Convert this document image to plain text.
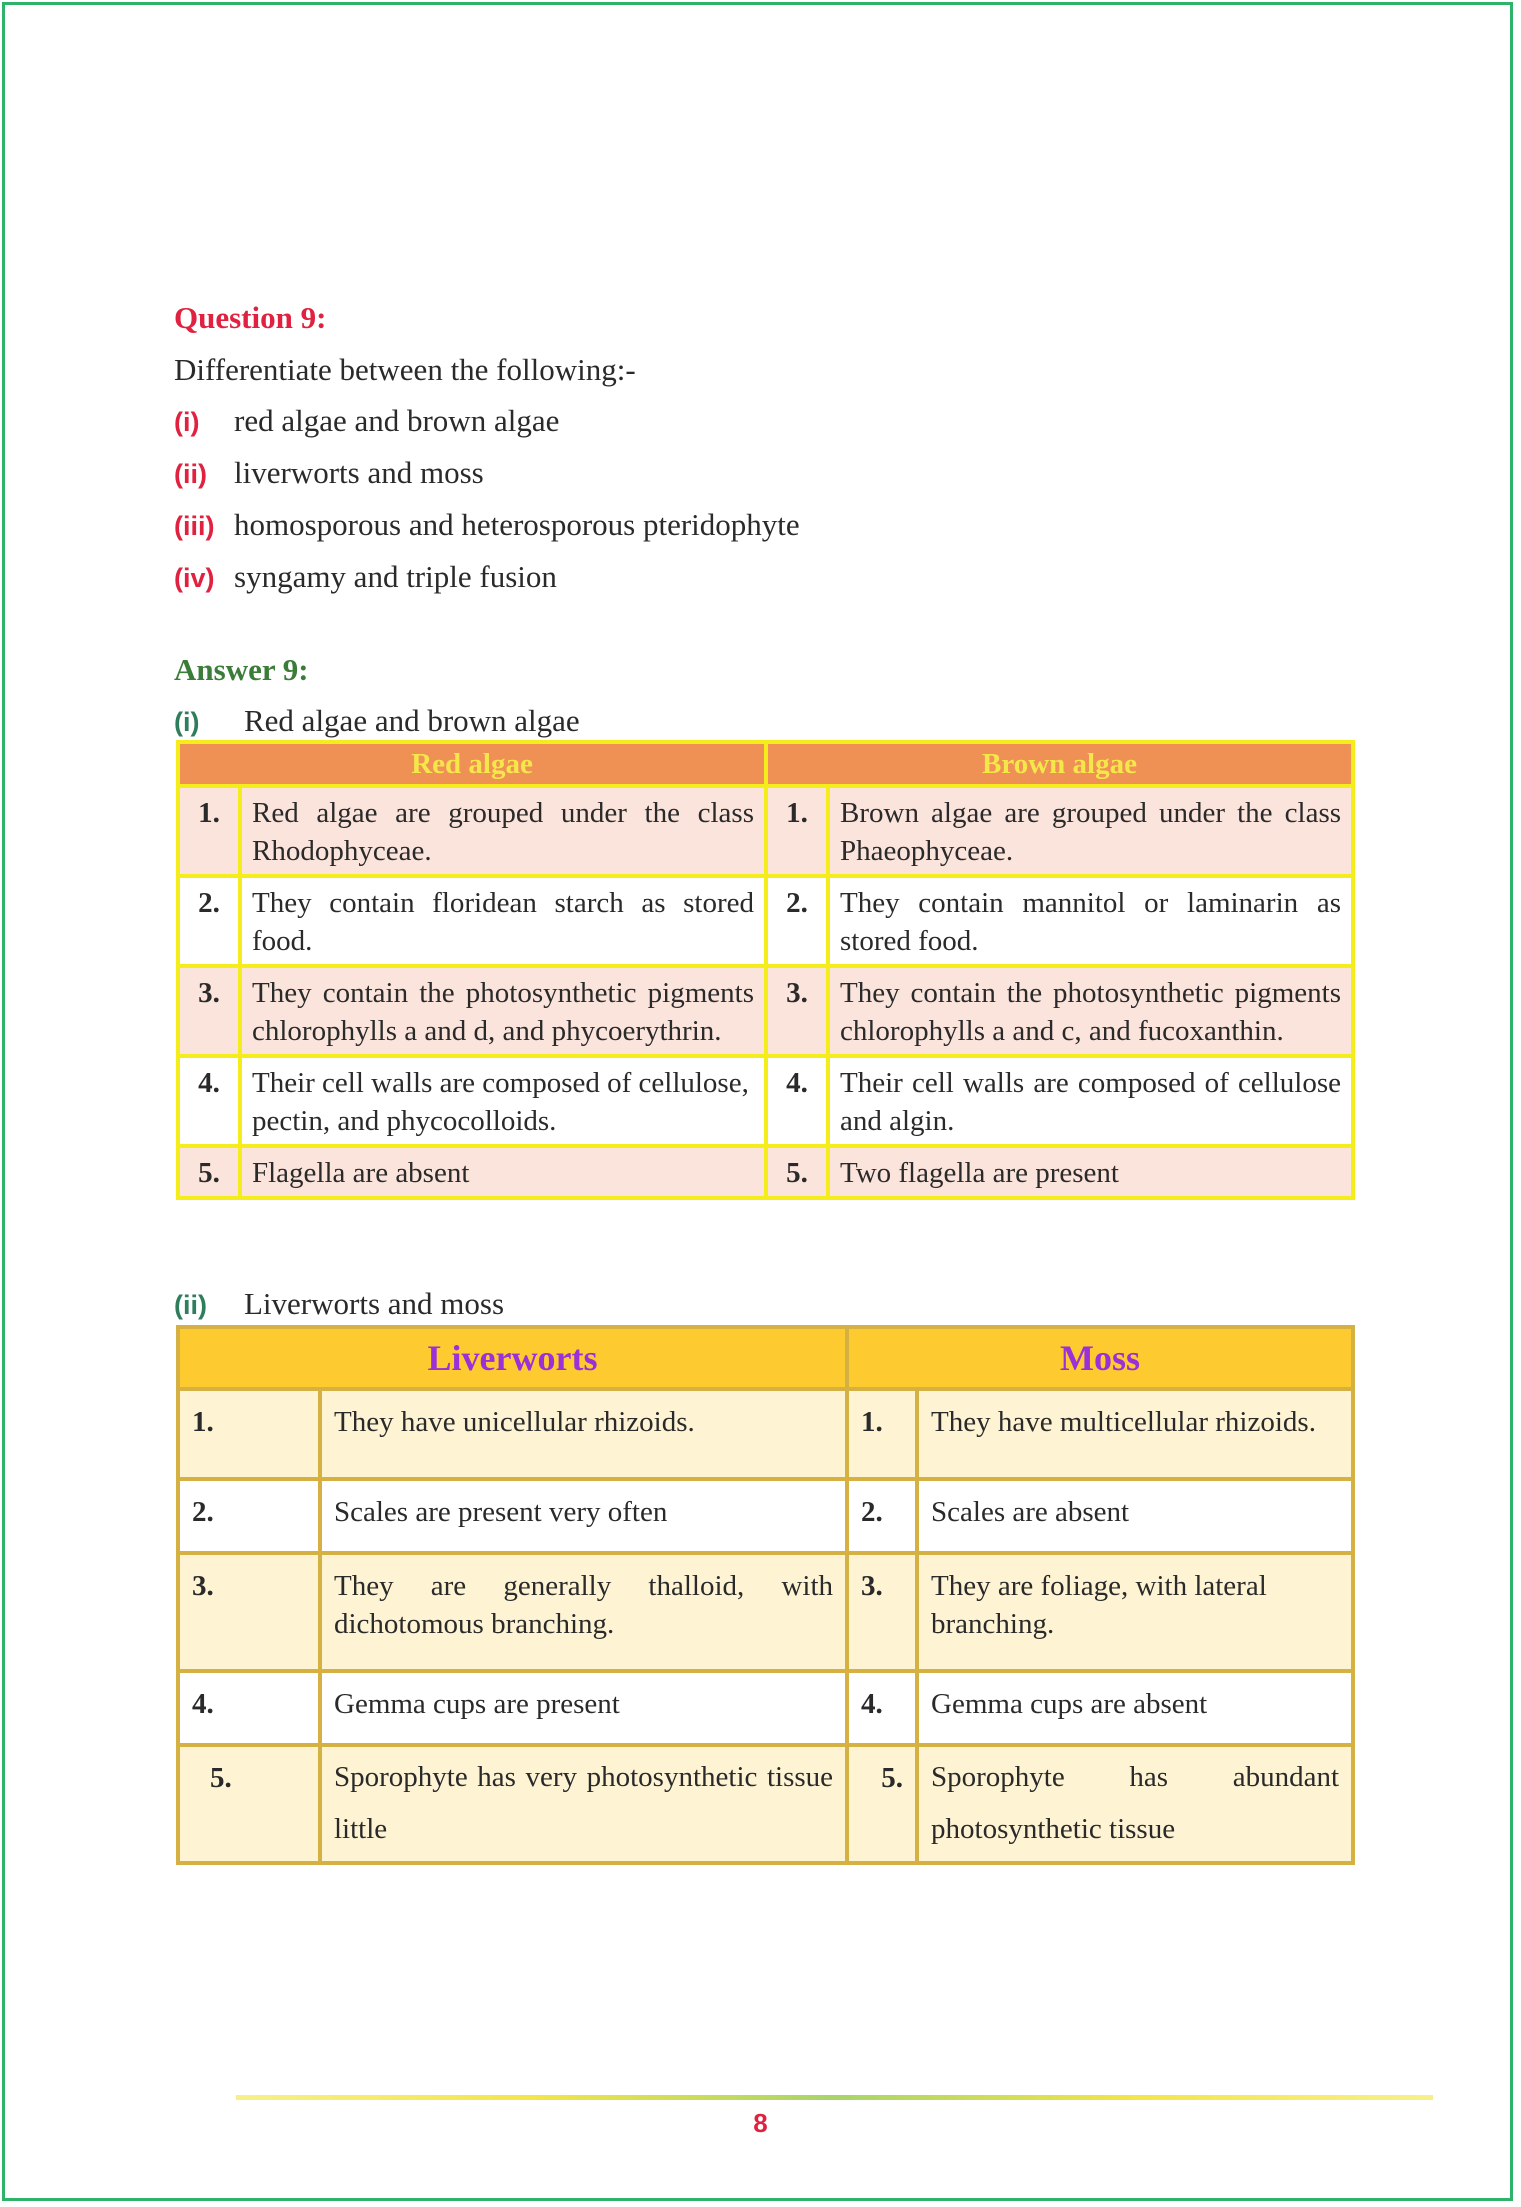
Question 9:
Differentiate between the following:-
(i)	red algae and brown algae
(ii) liverworts and moss
(iii) homosporous and heterosporous pteridophyte
(iv) syngamy and triple fusion
Answer 9:
(i)	Red algae and brown algae
Red algae		Brown algae	
1.	Red algae are grouped under the class Rhodophyceae.	1.	Brown algae are grouped under the class Phaeophyceae.
2.	They contain floridean starch as stored food.	2.	They contain mannitol or laminarin as stored food.
3.	They contain the photosynthetic pigments chlorophylls a and d, and phycoerythrin.	3.	They contain the photosynthetic pigments chlorophylls a and c, and fucoxanthin.
4.	Their cell walls are composed of cellulose, pectin, and phycocolloids.	4.	Their cell walls are composed of cellulose and algin.
5.	Flagella are absent	5.	Two flagella are present
(ii)	Liverworts and moss
Liverworts		Moss	
1.	They have unicellular rhizoids.	1.	They have multicellular rhizoids.
2.	Scales are present very often	2.	Scales are absent
3.	They are generally thalloid, with dichotomous branching.	3.	They are foliage, with lateral branching.
4.	Gemma cups are present	4.	Gemma cups are absent
5.	Sporophyte has very photosynthetic tissue little	5.	Sporophyte has abundant photosynthetic tissue
8
